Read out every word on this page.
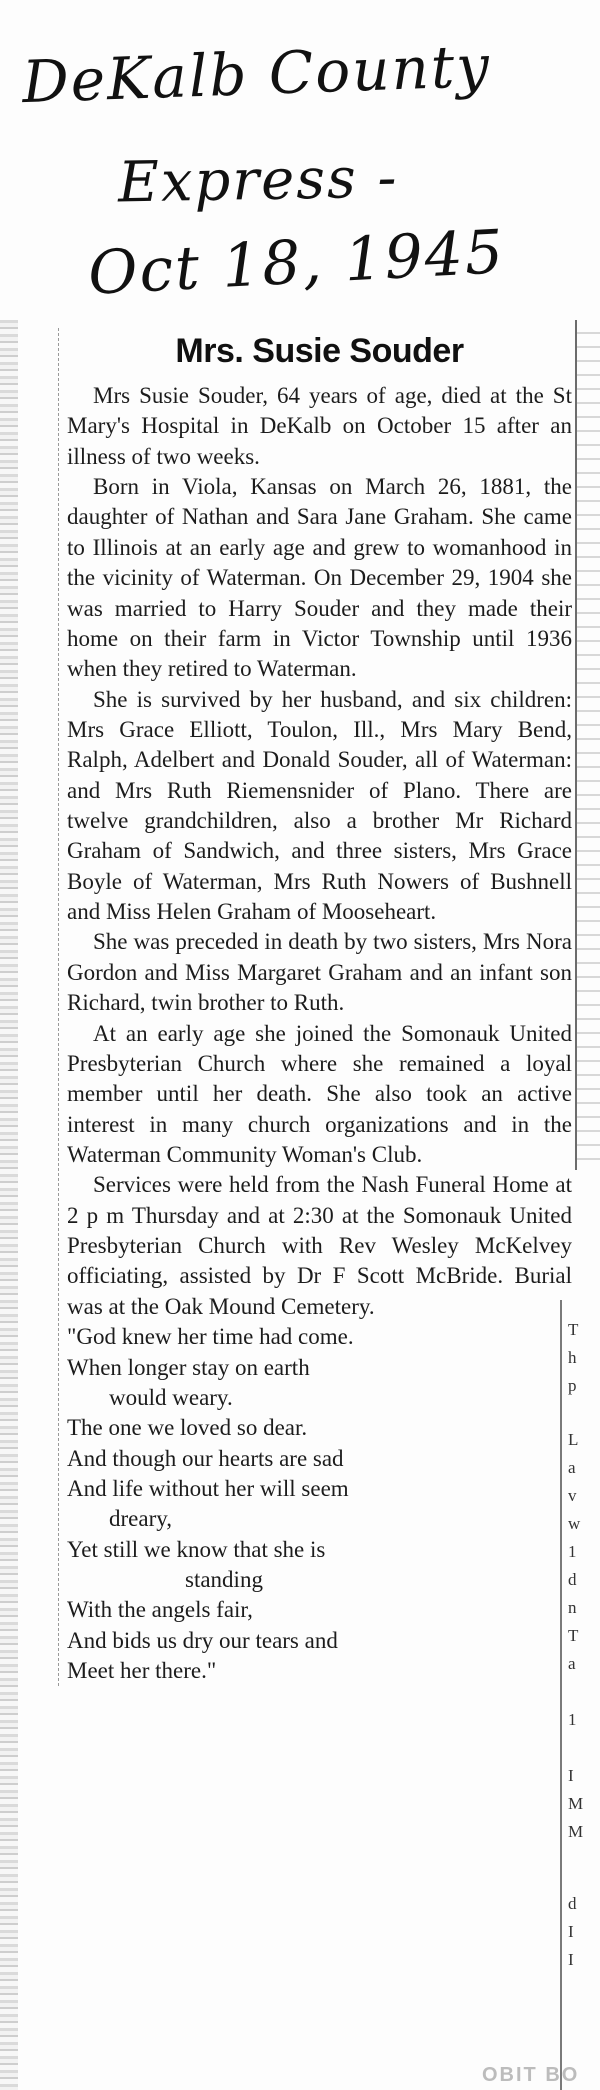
DeKalb County
Express -
Oct 18, 1945
T
h
p
L
a
v
w
1
d
n
T
a
1
I
M
M
d
I
I
Mrs. Susie Souder

Mrs Susie Souder, 64 years of age, died at the St Mary's Hospital in DeKalb on October 15 after an illness of two weeks.

Born in Viola, Kansas on March 26, 1881, the daughter of Nathan and Sara Jane Graham. She came to Illinois at an early age and grew to womanhood in the vicinity of Waterman. On December 29, 1904 she was married to Harry Souder and they made their home on their farm in Victor Township until 1936 when they retired to Waterman.

She is survived by her husband, and six children: Mrs Grace Elliott, Toulon, Ill., Mrs Mary Bend, Ralph, Adelbert and Donald Souder, all of Waterman: and Mrs Ruth Riemensnider of Plano. There are twelve grandchildren, also a brother Mr Richard Graham of Sandwich, and three sisters, Mrs Grace Boyle of Waterman, Mrs Ruth Nowers of Bushnell and Miss Helen Graham of Mooseheart.

She was preceded in death by two sisters, Mrs Nora Gordon and Miss Margaret Graham and an infant son Richard, twin brother to Ruth.

At an early age she joined the Somonauk United Presbyterian Church where she remained a loyal member until her death. She also took an active interest in many church organizations and in the Waterman Community Woman's Club.

Services were held from the Nash Funeral Home at 2 p m Thursday and at 2:30 at the Somonauk United Presbyterian Church with Rev Wesley McKelvey officiating, assisted by Dr F Scott McBride. Burial was at the Oak Mound Cemetery.

"God knew her time had come.
When longer stay on earth
would weary.
The one we loved so dear.
And though our hearts are sad
And life without her will seem
dreary,
Yet still we know that she is
standing
With the angels fair,
And bids us dry our tears and
Meet her there."
OBIT BO
